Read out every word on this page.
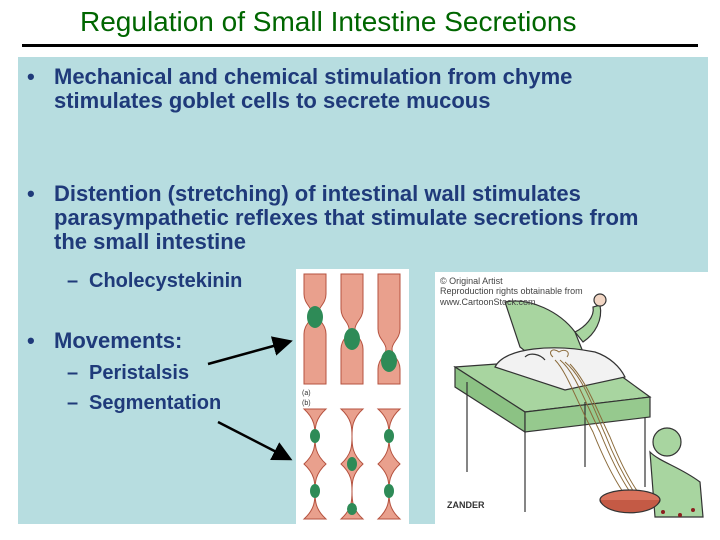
Regulation of Small Intestine Secretions
• Mechanical and chemical stimulation from chyme stimulates goblet cells to secrete mucous
• Distention (stretching) of intestinal wall stimulates parasympathetic reflexes that stimulate secretions from the small intestine
– Cholecystekinin
• Movements:
– Peristalsis
– Segmentation	(a)
(b)
ZANDER
© Original Artist
Reproduction rights obtainable from
www.CartoonStock.com
